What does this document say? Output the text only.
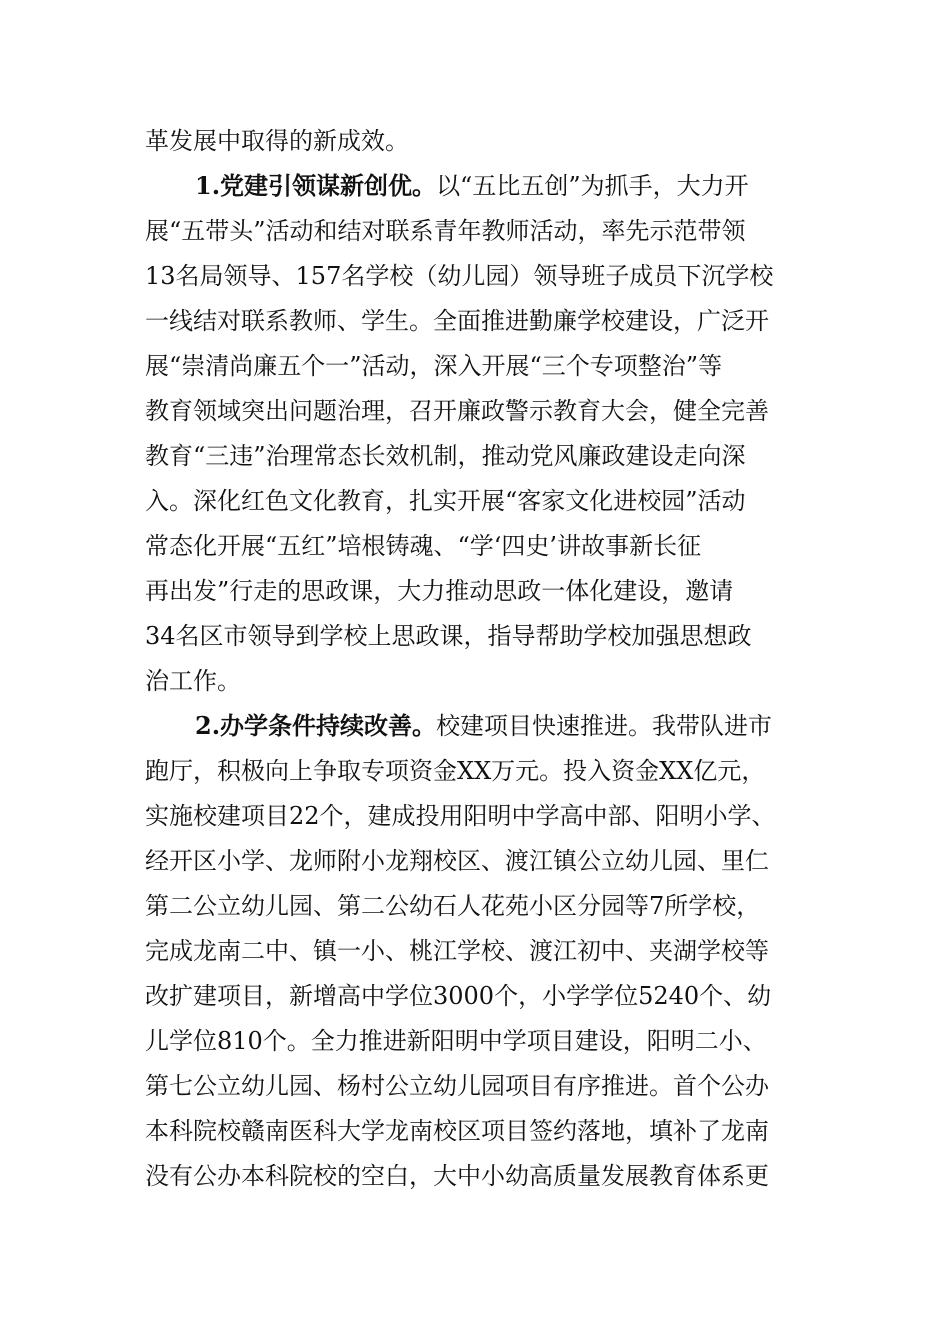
革发展中取得的新成效。
1.党建引领谋新创优。以“五比五创”为抓手，大力开
展“五带头”活动和结对联系青年教师活动，率先示范带领
13名局领导、157名学校（幼儿园）领导班子成员下沉学校
一线结对联系教师、学生。全面推进勤廉学校建设，广泛开
展“崇清尚廉五个一”活动，深入开展“三个专项整治”等
教育领域突出问题治理，召开廉政警示教育大会，健全完善
教育“三违”治理常态长效机制，推动党风廉政建设走向深
入。深化红色文化教育，扎实开展“客家文化进校园”活动
常态化开展“五红”培根铸魂、“学‘四史’讲故事新长征
再出发”行走的思政课，大力推动思政一体化建设，邀请
34名区市领导到学校上思政课，指导帮助学校加强思想政
治工作。
2.办学条件持续改善。校建项目快速推进。我带队进市
跑厅，积极向上争取专项资金XX万元。投入资金XX亿元，
实施校建项目22个，建成投用阳明中学高中部、阳明小学、
经开区小学、龙师附小龙翔校区、渡江镇公立幼儿园、里仁
第二公立幼儿园、第二公幼石人花苑小区分园等7所学校，
完成龙南二中、镇一小、桃江学校、渡江初中、夹湖学校等
改扩建项目，新增高中学位3000个，小学学位5240个、幼
儿学位810个。全力推进新阳明中学项目建设，阳明二小、
第七公立幼儿园、杨村公立幼儿园项目有序推进。首个公办
本科院校赣南医科大学龙南校区项目签约落地，填补了龙南
没有公办本科院校的空白，大中小幼高质量发展教育体系更
